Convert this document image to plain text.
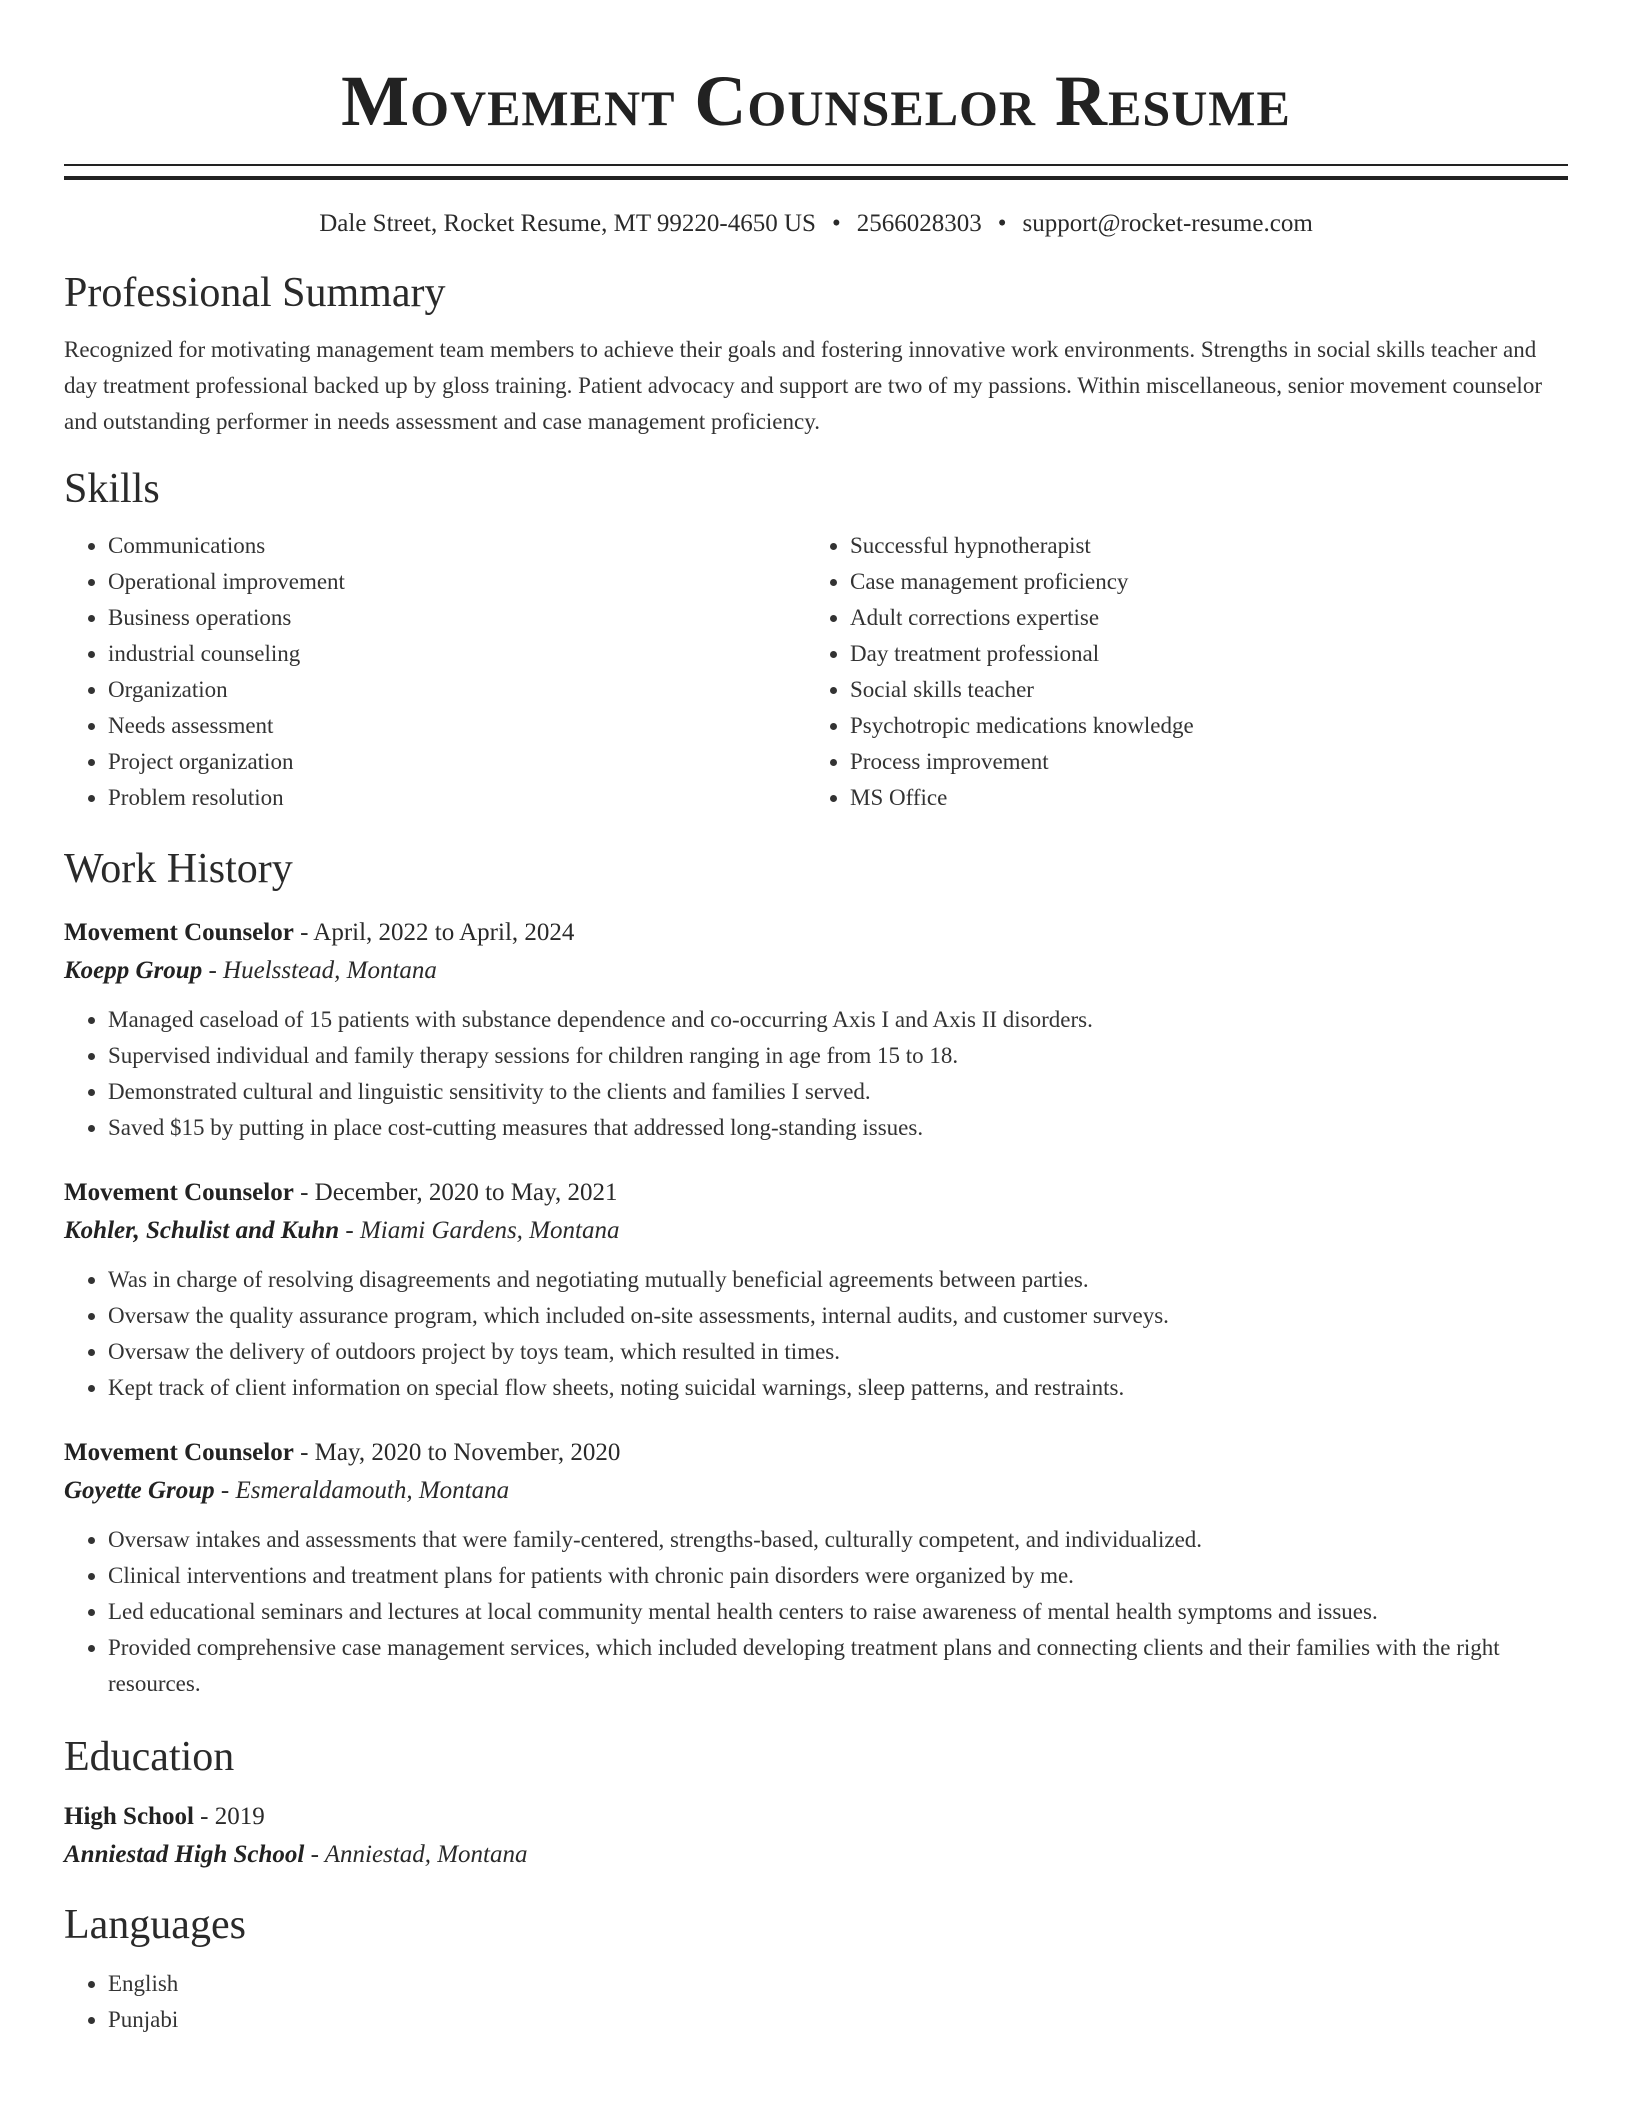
Movement Counselor Resume
Dale Street, Rocket Resume, MT 99220-4650 US • 2566028303 • support@rocket-resume.com
Professional Summary

Recognized for motivating management team members to achieve their goals and fostering innovative work environments. Strengths in social skills teacher and day treatment professional backed up by gloss training. Patient advocacy and support are two of my passions. Within miscellaneous, senior movement counselor and outstanding performer in needs assessment and case management proficiency.

Skills
• Communications
• Operational improvement
• Business operations
• industrial counseling
• Organization
• Needs assessment
• Project organization
• Problem resolution
• Successful hypnotherapist
• Case management proficiency
• Adult corrections expertise
• Day treatment professional
• Social skills teacher
• Psychotropic medications knowledge
• Process improvement
• MS Office
Work History
Movement Counselor - April, 2022 to April, 2024
Koepp Group - Huelsstead, Montana
• Managed caseload of 15 patients with substance dependence and co-occurring Axis I and Axis II disorders.
• Supervised individual and family therapy sessions for children ranging in age from 15 to 18.
• Demonstrated cultural and linguistic sensitivity to the clients and families I served.
• Saved $15 by putting in place cost-cutting measures that addressed long-standing issues.
Movement Counselor - December, 2020 to May, 2021
Kohler, Schulist and Kuhn - Miami Gardens, Montana
• Was in charge of resolving disagreements and negotiating mutually beneficial agreements between parties.
• Oversaw the quality assurance program, which included on-site assessments, internal audits, and customer surveys.
• Oversaw the delivery of outdoors project by toys team, which resulted in times.
• Kept track of client information on special flow sheets, noting suicidal warnings, sleep patterns, and restraints.
Movement Counselor - May, 2020 to November, 2020
Goyette Group - Esmeraldamouth, Montana
• Oversaw intakes and assessments that were family-centered, strengths-based, culturally competent, and individualized.
• Clinical interventions and treatment plans for patients with chronic pain disorders were organized by me.
• Led educational seminars and lectures at local community mental health centers to raise awareness of mental health symptoms and issues.
• Provided comprehensive case management services, which included developing treatment plans and connecting clients and their families with the right resources.
Education
High School - 2019
Anniestad High School - Anniestad, Montana
Languages
• English
• Punjabi
